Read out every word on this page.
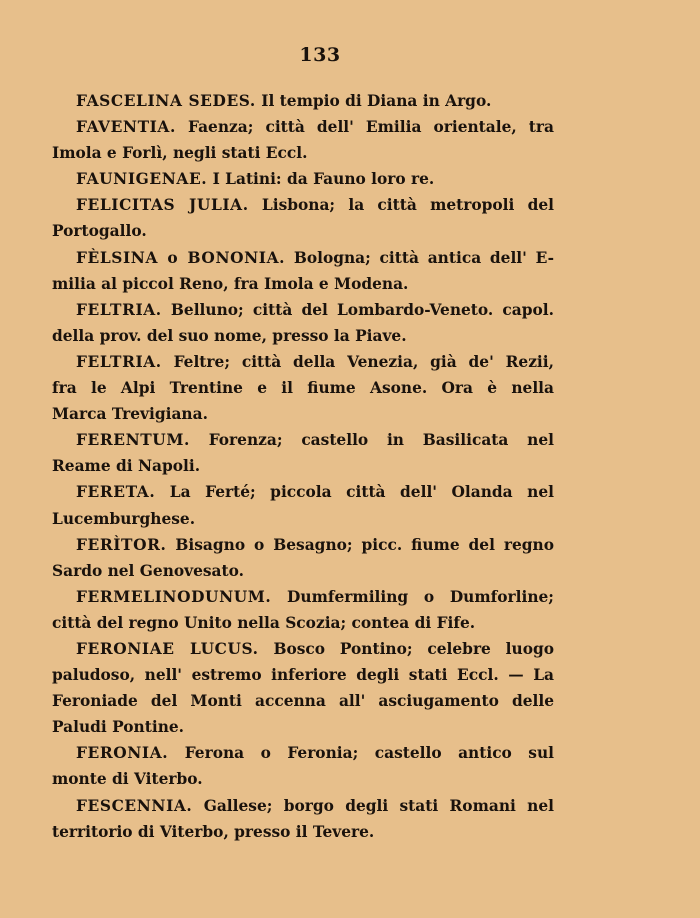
133
FASCELINA SEDES. Il tempio di Diana in Argo.
FAVENTIA. Faenza; città dell' Emilia orientale, tra
Imola e Forlì, negli stati Eccl.
FAUNIGENAE. I Latini: da Fauno loro re.
FELICITAS JULIA. Lisbona; la città metropoli del
Portogallo.
FÈLSINA o BONONIA. Bologna; città antica dell' E-
milia al piccol Reno, fra Imola e Modena.
FELTRIA. Belluno; città del Lombardo-Veneto. capol.
della prov. del suo nome, presso la Piave.
FELTRIA. Feltre; città della Venezia, già de' Rezii,
fra le Alpi Trentine e il fiume Asone. Ora è nella
Marca Trevigiana.
FERENTUM. Forenza; castello in Basilicata nel
Reame di Napoli.
FERETA. La Ferté; piccola città dell' Olanda nel
Lucemburghese.
FERÌTOR. Bisagno o Besagno; picc. fiume del regno
Sardo nel Genovesato.
FERMELINODUNUM. Dumfermiling o Dumforline;
città del regno Unito nella Scozia; contea di Fife.
FERONIAE LUCUS. Bosco Pontino; celebre luogo
paludoso, nell' estremo inferiore degli stati Eccl. — La
Feroniade del Monti accenna all' asciugamento delle
Paludi Pontine.
FERONIA. Ferona o Feronia; castello antico sul
monte di Viterbo.
FESCENNIA. Gallese; borgo degli stati Romani nel
territorio di Viterbo, presso il Tevere.
